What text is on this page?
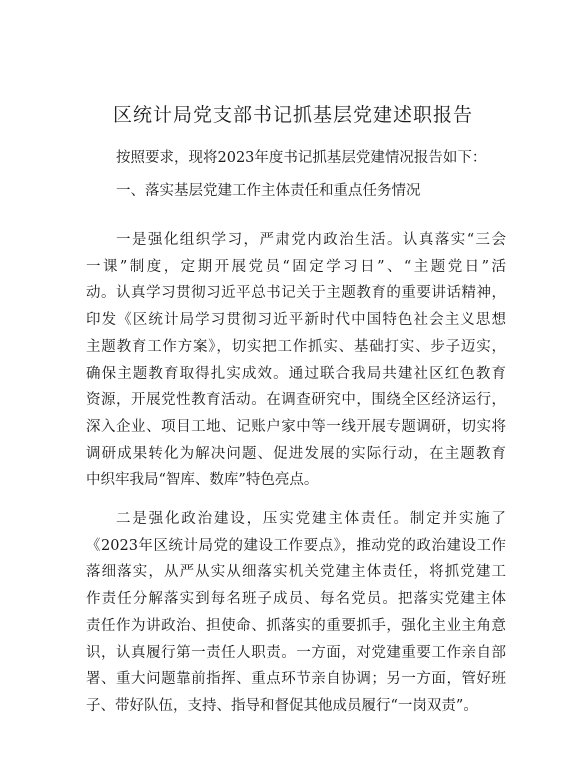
区统计局党支部书记抓基层党建述职报告
按照要求，现将2023年度书记抓基层党建情况报告如下：
一、落实基层党建工作主体责任和重点任务情况
一是强化组织学习，严肃党内政治生活。认真落实“三会
一课”制度，定期开展党员“固定学习日”、“主题党日”活
动。认真学习贯彻习近平总书记关于主题教育的重要讲话精神，
印发《区统计局学习贯彻习近平新时代中国特色社会主义思想
主题教育工作方案》，切实把工作抓实、基础打实、步子迈实，
确保主题教育取得扎实成效。通过联合我局共建社区红色教育
资源，开展党性教育活动。在调查研究中，围绕全区经济运行，
深入企业、项目工地、记账户家中等一线开展专题调研，切实将
调研成果转化为解决问题、促进发展的实际行动，在主题教育
中织牢我局“智库、数库”特色亮点。
二是强化政治建设，压实党建主体责任。制定并实施了
《2023年区统计局党的建设工作要点》，推动党的政治建设工作
落细落实，从严从实从细落实机关党建主体责任，将抓党建工
作责任分解落实到每名班子成员、每名党员。把落实党建主体
责任作为讲政治、担使命、抓落实的重要抓手，强化主业主角意
识，认真履行第一责任人职责。一方面，对党建重要工作亲自部
署、重大问题靠前指挥、重点环节亲自协调；另一方面，管好班
子、带好队伍，支持、指导和督促其他成员履行“一岗双责”。
